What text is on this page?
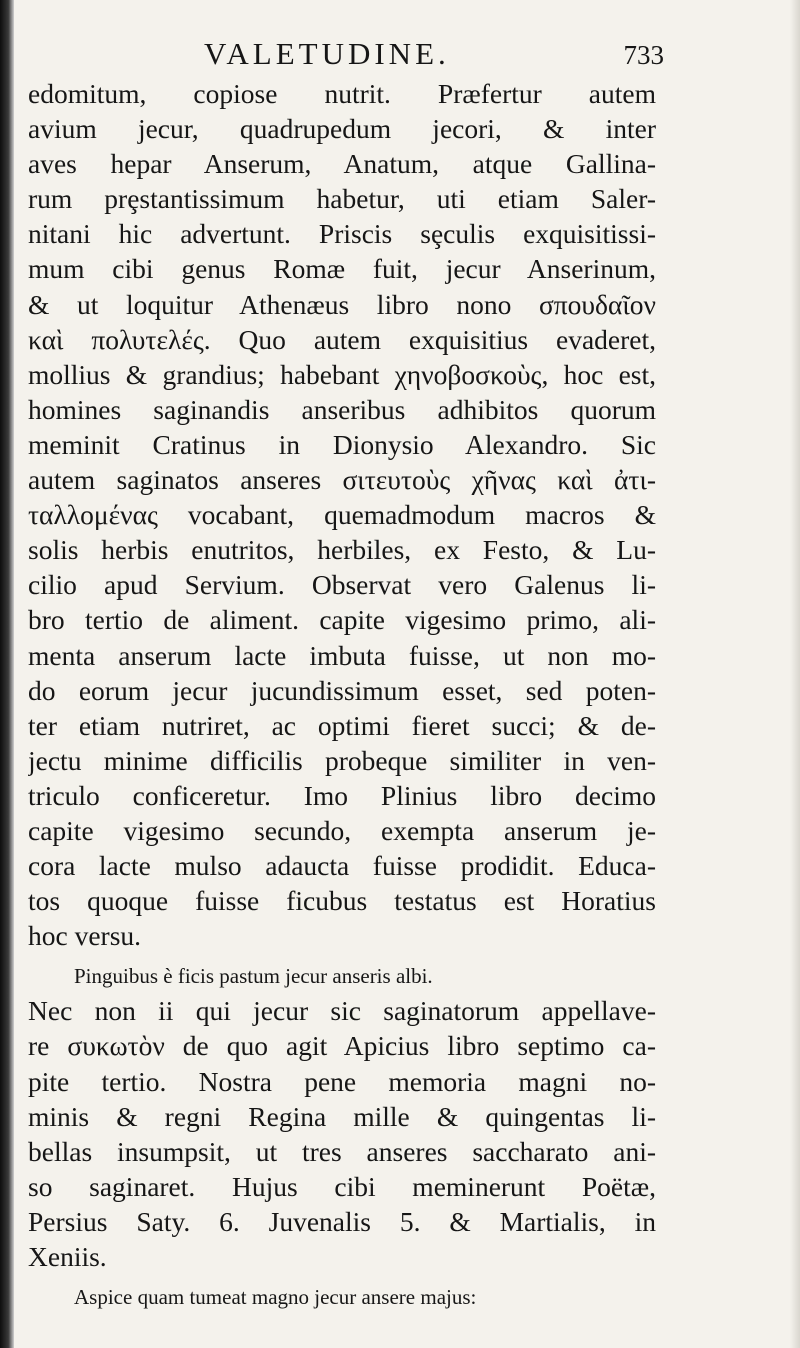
VALETUDINE.	733
edomitum, copiose nutrit. Præfertur autem
avium jecur, quadrupedum jecori, & inter
aves hepar Anserum, Anatum, atque Gallina-
rum prȩstantissimum habetur, uti etiam Saler-
nitani hic advertunt. Priscis sȩculis exquisitissi-
mum cibi genus Romæ fuit, jecur Anserinum,
& ut loquitur Athenæus libro nono σπουδαῖον
καὶ πολυτελές. Quo autem exquisitius evaderet,
mollius & grandius; habebant χηνοβοσκοὺς, hoc est,
homines saginandis anseribus adhibitos quorum
meminit Cratinus in Dionysio Alexandro. Sic
autem saginatos anseres σιτευτοὺς χῆνας καὶ ἀτι-
ταλλομένας vocabant, quemadmodum macros &
solis herbis enutritos, herbiles, ex Festo, & Lu-
cilio apud Servium. Observat vero Galenus li-
bro tertio de aliment. capite vigesimo primo, ali-
menta anserum lacte imbuta fuisse, ut non mo-
do eorum jecur jucundissimum esset, sed poten-
ter etiam nutriret, ac optimi fieret succi; & de-
jectu minime difficilis probeque similiter in ven-
triculo conficeretur. Imo Plinius libro decimo
capite vigesimo secundo, exempta anserum je-
cora lacte mulso adaucta fuisse prodidit. Educa-
tos quoque fuisse ficubus testatus est Horatius
hoc versu.
Pinguibus è ficis pastum jecur anseris albi.
Nec non ii qui jecur sic saginatorum appellave-
re συκωτὸν de quo agit Apicius libro septimo ca-
pite tertio. Nostra pene memoria magni no-
minis & regni Regina mille & quingentas li-
bellas insumpsit, ut tres anseres saccharato ani-
so saginaret. Hujus cibi meminerunt Poëtæ,
Persius Saty. 6. Juvenalis 5. & Martialis, in
Xeniis.
Aspice quam tumeat magno jecur ansere majus:
